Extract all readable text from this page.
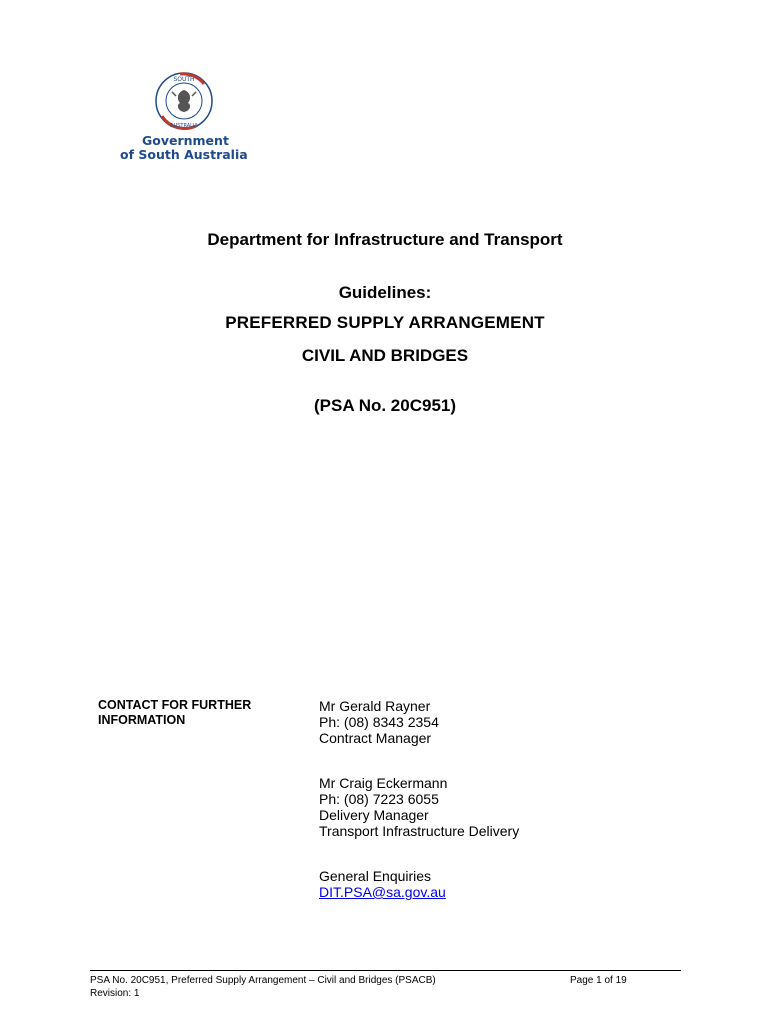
SOUTH
AUSTRALIA
Government
of South Australia
Department for Infrastructure and Transport
Guidelines:
PREFERRED SUPPLY ARRANGEMENT
CIVIL AND BRIDGES
(PSA No. 20C951)
CONTACT FOR FURTHER
INFORMATION
Mr Gerald Rayner
Ph: (08) 8343 2354
Contract Manager
Mr Craig Eckermann
Ph: (08) 7223 6055
Delivery Manager
Transport Infrastructure Delivery
General Enquiries
DIT.PSA@sa.gov.au
PSA No. 20C951, Preferred Supply Arrangement – Civil and Bridges (PSACB)
Revision: 1
Page 1 of 19
